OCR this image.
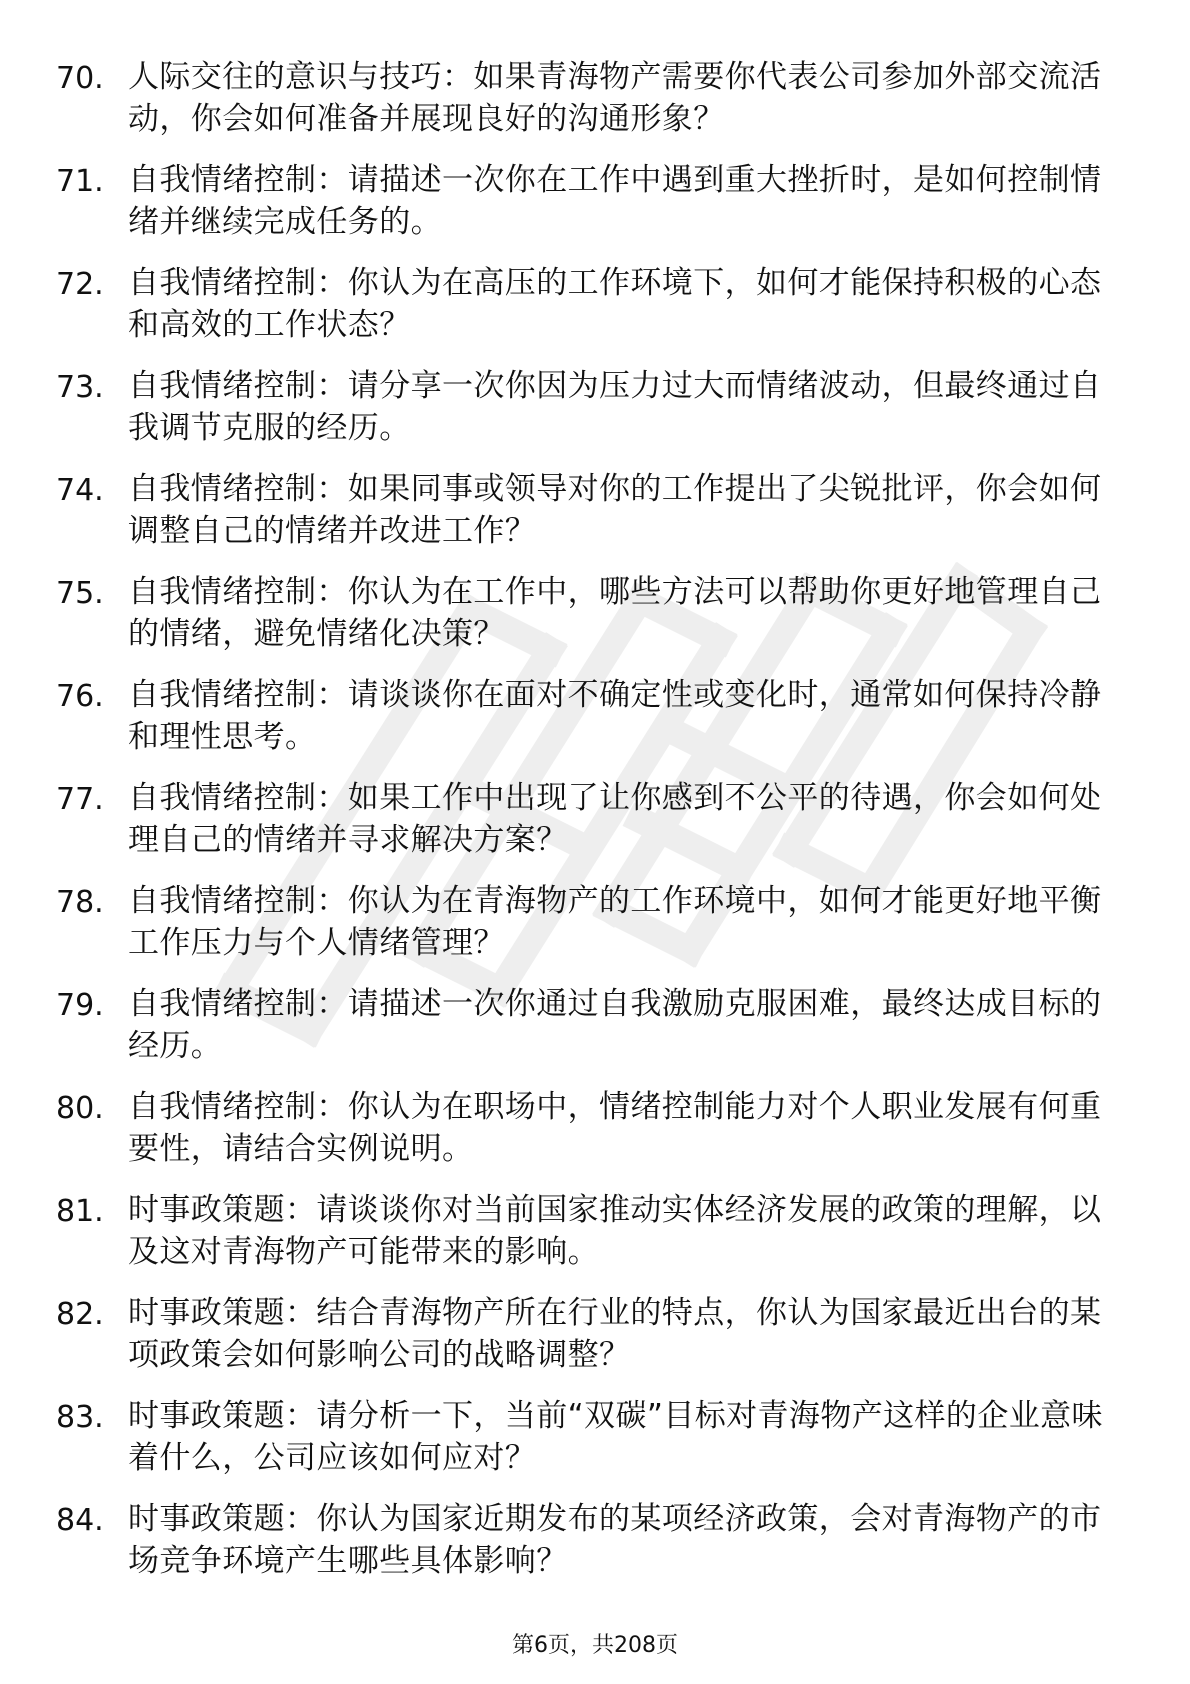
70. 人际交往的意识与技巧：如果青海物产需要你代表公司参加外部交流活动，你会如何准备并展现良好的沟通形象？
71. 自我情绪控制：请描述一次你在工作中遇到重大挫折时，是如何控制情绪并继续完成任务的。
72. 自我情绪控制：你认为在高压的工作环境下，如何才能保持积极的心态和高效的工作状态？
73. 自我情绪控制：请分享一次你因为压力过大而情绪波动，但最终通过自我调节克服的经历。
74. 自我情绪控制：如果同事或领导对你的工作提出了尖锐批评，你会如何调整自己的情绪并改进工作？
75. 自我情绪控制：你认为在工作中，哪些方法可以帮助你更好地管理自己的情绪，避免情绪化决策？
76. 自我情绪控制：请谈谈你在面对不确定性或变化时，通常如何保持冷静和理性思考。
77. 自我情绪控制：如果工作中出现了让你感到不公平的待遇，你会如何处理自己的情绪并寻求解决方案？
78. 自我情绪控制：你认为在青海物产的工作环境中，如何才能更好地平衡工作压力与个人情绪管理？
79. 自我情绪控制：请描述一次你通过自我激励克服困难，最终达成目标的经历。
80. 自我情绪控制：你认为在职场中，情绪控制能力对个人职业发展有何重要性，请结合实例说明。
81. 时事政策题：请谈谈你对当前国家推动实体经济发展的政策的理解，以及这对青海物产可能带来的影响。
82. 时事政策题：结合青海物产所在行业的特点，你认为国家最近出台的某项政策会如何影响公司的战略调整？
83. 时事政策题：请分析一下，当前“双碳”目标对青海物产这样的企业意味着什么，公司应该如何应对？
84. 时事政策题：你认为国家近期发布的某项经济政策，会对青海物产的市场竞争环境产生哪些具体影响？
第6页，共208页
